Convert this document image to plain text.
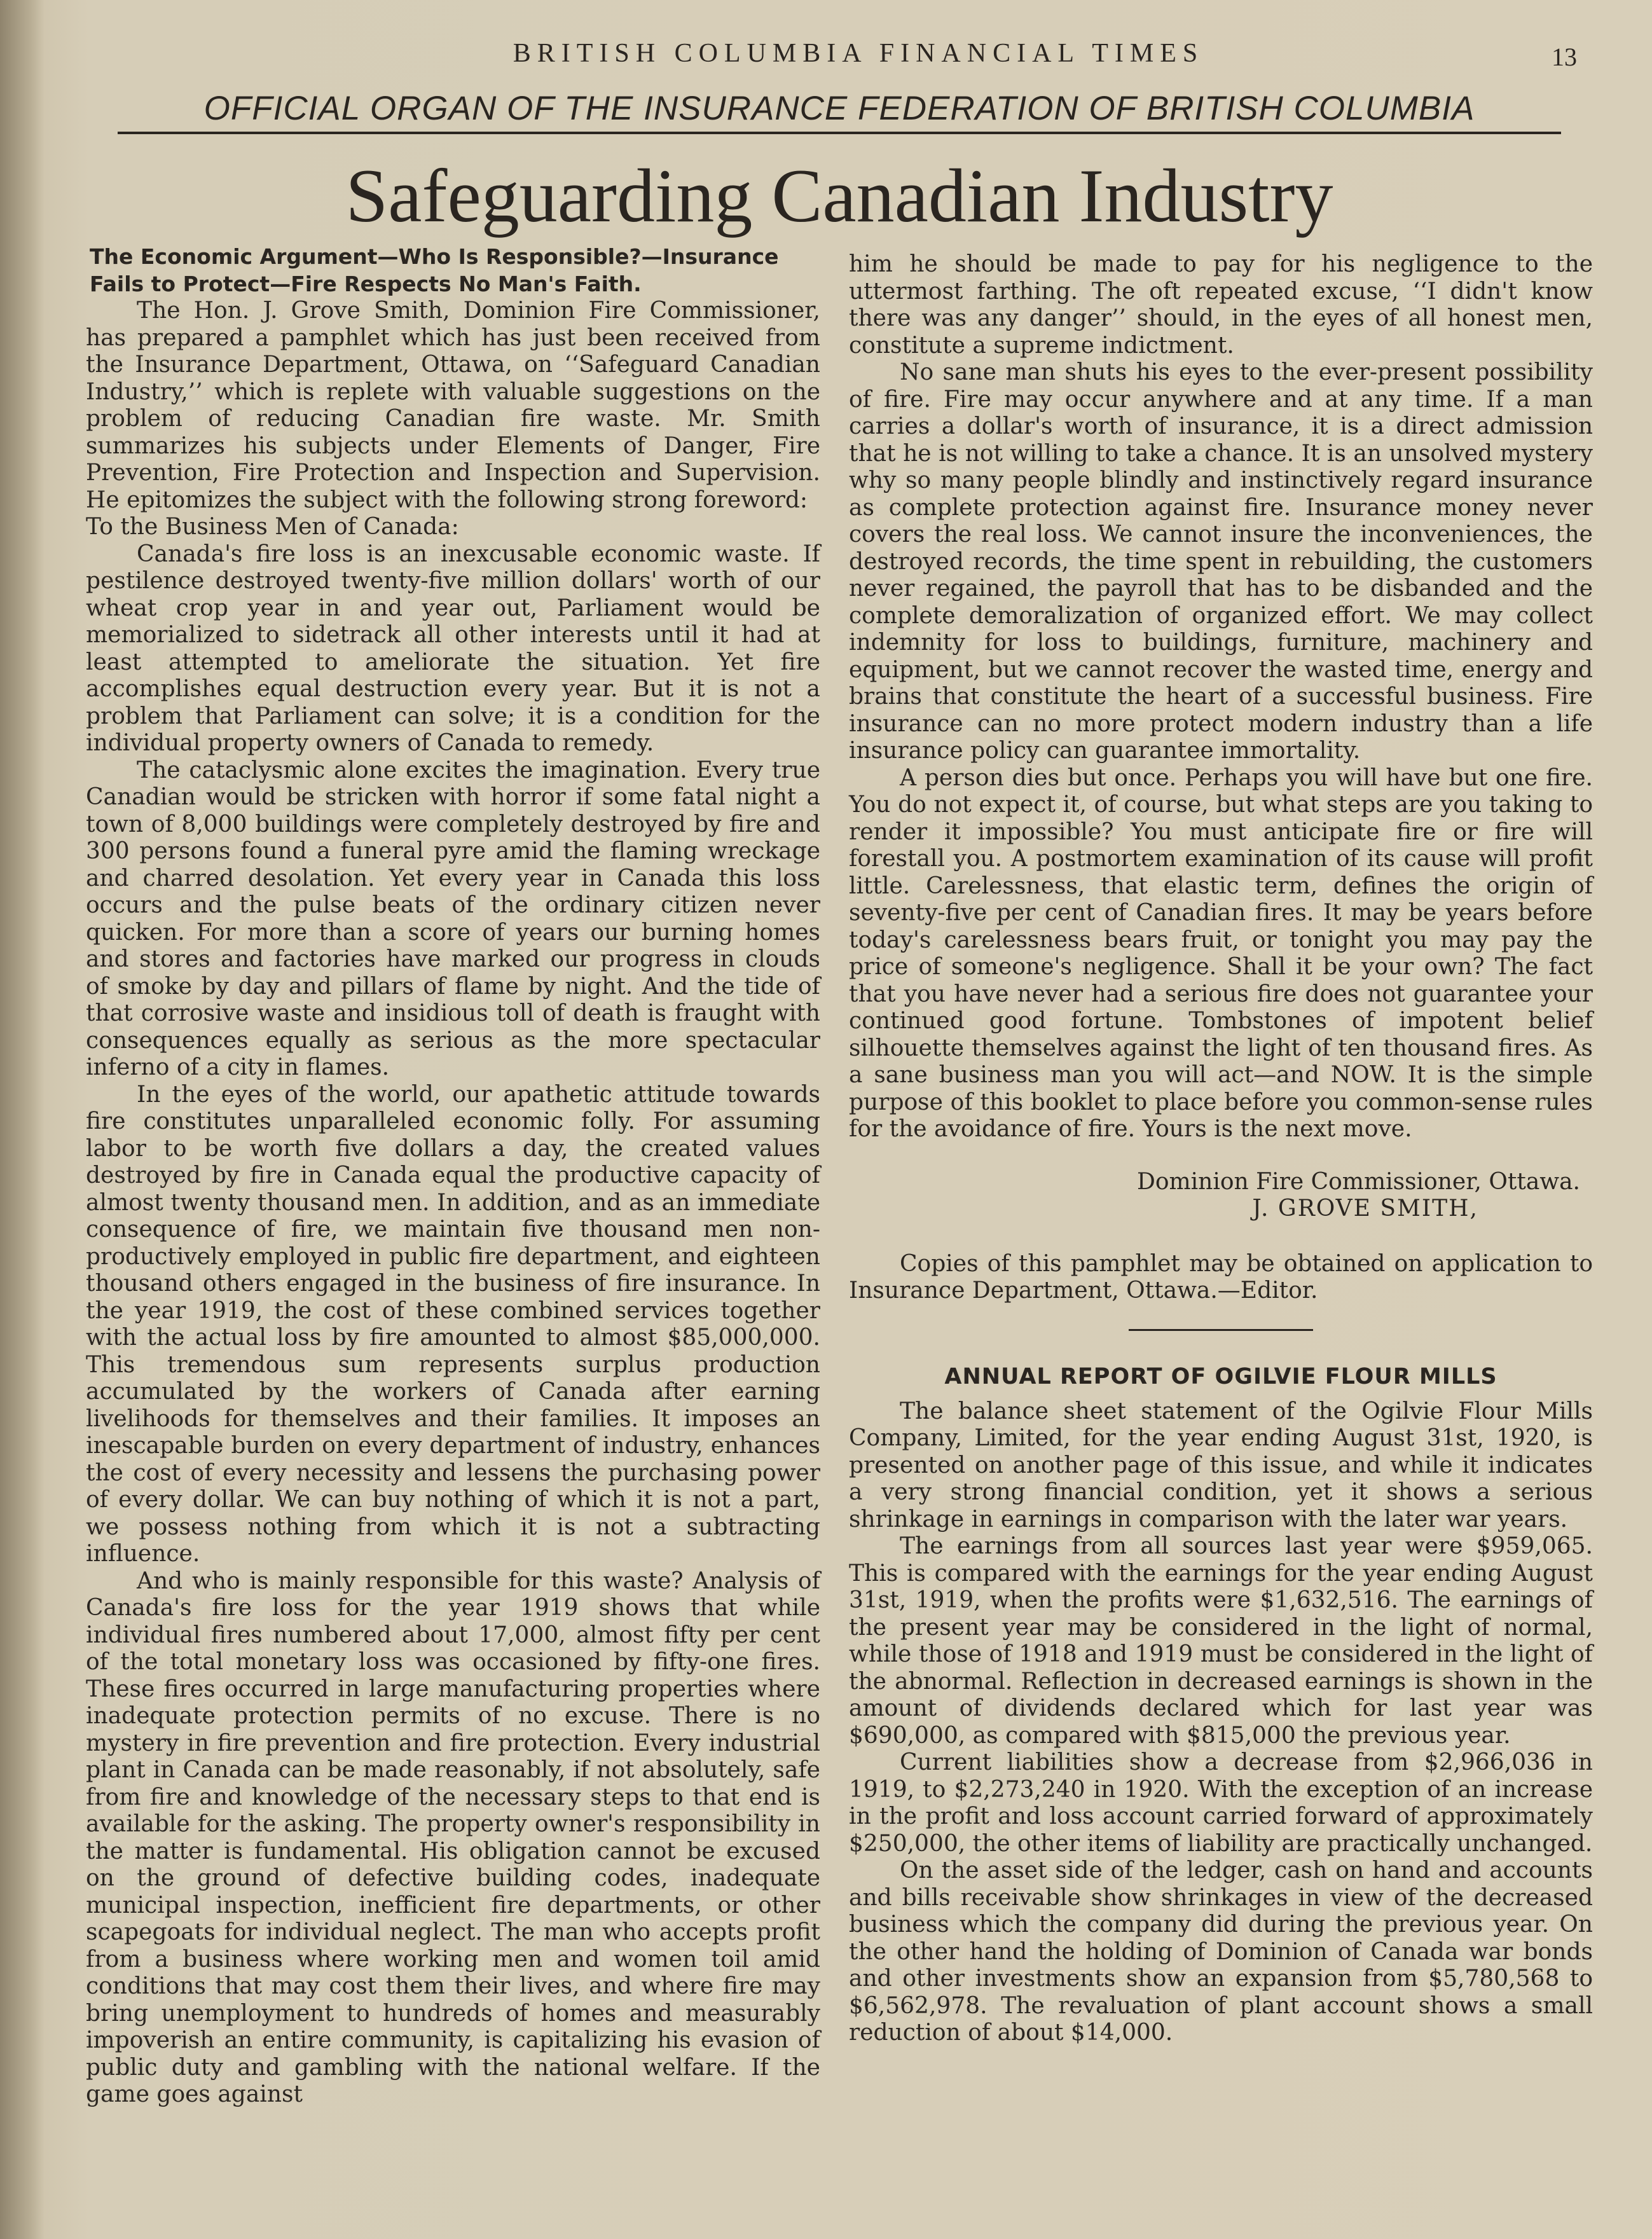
BRITISH COLUMBIA FINANCIAL TIMES	13
OFFICIAL ORGAN OF THE INSURANCE FEDERATION OF BRITISH COLUMBIA
Safeguarding Canadian Industry

The Economic Argument—Who Is Responsible?—Insurance Fails to Protect—Fire Respects No Man's Faith.

The Hon. J. Grove Smith, Dominion Fire Commissioner, has prepared a pamphlet which has just been received from the Insurance Department, Ottawa, on ‘‘Safeguard Canadian Industry,’’ which is replete with valuable suggestions on the problem of reducing Canadian fire waste. Mr. Smith summarizes his subjects under Elements of Danger, Fire Prevention, Fire Protection and Inspection and Supervision. He epitomizes the subject with the following strong foreword:

To the Business Men of Canada:

Canada's fire loss is an inexcusable economic waste. If pestilence destroyed twenty-five million dollars' worth of our wheat crop year in and year out, Parliament would be memorialized to sidetrack all other interests until it had at least attempted to ameliorate the situation. Yet fire accomplishes equal destruction every year. But it is not a problem that Parliament can solve; it is a condition for the individual property owners of Canada to remedy.

The cataclysmic alone excites the imagination. Every true Canadian would be stricken with horror if some fatal night a town of 8,000 buildings were completely destroyed by fire and 300 persons found a funeral pyre amid the flaming wreckage and charred desolation. Yet every year in Canada this loss occurs and the pulse beats of the ordinary citizen never quicken. For more than a score of years our burning homes and stores and factories have marked our progress in clouds of smoke by day and pillars of flame by night. And the tide of that corrosive waste and insidious toll of death is fraught with consequences equally as serious as the more spectacular inferno of a city in flames.

In the eyes of the world, our apathetic attitude towards fire constitutes unparalleled economic folly. For assuming labor to be worth five dollars a day, the created values destroyed by fire in Canada equal the productive capacity of almost twenty thousand men. In addition, and as an immediate consequence of fire, we maintain five thousand men non-productively employed in public fire department, and eighteen thousand others engaged in the business of fire insurance. In the year 1919, the cost of these combined services together with the actual loss by fire amounted to almost $85,000,000. This tremendous sum represents surplus production accumulated by the workers of Canada after earning livelihoods for themselves and their families. It imposes an inescapable burden on every department of industry, enhances the cost of every necessity and lessens the purchasing power of every dollar. We can buy nothing of which it is not a part, we possess nothing from which it is not a subtracting influence.

And who is mainly responsible for this waste? Analysis of Canada's fire loss for the year 1919 shows that while individual fires numbered about 17,000, almost fifty per cent of the total monetary loss was occasioned by fifty-one fires. These fires occurred in large manufacturing properties where inadequate protection permits of no excuse. There is no mystery in fire prevention and fire protection. Every industrial plant in Canada can be made reasonably, if not absolutely, safe from fire and knowledge of the necessary steps to that end is available for the asking. The property owner's responsibility in the matter is fundamental. His obligation cannot be excused on the ground of defective building codes, inadequate municipal inspection, inefficient fire departments, or other scapegoats for individual neglect. The man who accepts profit from a business where working men and women toil amid conditions that may cost them their lives, and where fire may bring unemployment to hundreds of homes and measurably impoverish an entire community, is capitalizing his evasion of public duty and gambling with the national welfare. If the game goes against

him he should be made to pay for his negligence to the uttermost farthing. The oft repeated excuse, ‘‘I didn't know there was any danger’’ should, in the eyes of all honest men, constitute a supreme indictment.

No sane man shuts his eyes to the ever-present possibility of fire. Fire may occur anywhere and at any time. If a man carries a dollar's worth of insurance, it is a direct admission that he is not willing to take a chance. It is an unsolved mystery why so many people blindly and instinctively regard insurance as complete protection against fire. Insurance money never covers the real loss. We cannot insure the inconveniences, the destroyed records, the time spent in rebuilding, the customers never regained, the payroll that has to be disbanded and the complete demoralization of organized effort. We may collect indemnity for loss to buildings, furniture, machinery and equipment, but we cannot recover the wasted time, energy and brains that constitute the heart of a successful business. Fire insurance can no more protect modern industry than a life insurance policy can guarantee immortality.

A person dies but once. Perhaps you will have but one fire. You do not expect it, of course, but what steps are you taking to render it impossible? You must anticipate fire or fire will forestall you. A postmortem examination of its cause will profit little. Carelessness, that elastic term, defines the origin of seventy-five per cent of Canadian fires. It may be years before today's carelessness bears fruit, or tonight you may pay the price of someone's negligence. Shall it be your own? The fact that you have never had a serious fire does not guarantee your continued good fortune. Tombstones of impotent belief silhouette themselves against the light of ten thousand fires. As a sane business man you will act—and NOW. It is the simple purpose of this booklet to place before you common-sense rules for the avoidance of fire. Yours is the next move.

Dominion Fire Commissioner, Ottawa.

J. GROVE SMITH,

Copies of this pamphlet may be obtained on application to Insurance Department, Ottawa.—Editor.

ANNUAL REPORT OF OGILVIE FLOUR MILLS

The balance sheet statement of the Ogilvie Flour Mills Company, Limited, for the year ending August 31st, 1920, is presented on another page of this issue, and while it indicates a very strong financial condition, yet it shows a serious shrinkage in earnings in comparison with the later war years.

The earnings from all sources last year were $959,065. This is compared with the earnings for the year ending August 31st, 1919, when the profits were $1,632,516. The earnings of the present year may be considered in the light of normal, while those of 1918 and 1919 must be considered in the light of the abnormal. Reflection in decreased earnings is shown in the amount of dividends declared which for last year was $690,000, as compared with $815,000 the previous year.

Current liabilities show a decrease from $2,966,036 in 1919, to $2,273,240 in 1920. With the exception of an increase in the profit and loss account carried forward of approximately $250,000, the other items of liability are practically unchanged.

On the asset side of the ledger, cash on hand and accounts and bills receivable show shrinkages in view of the decreased business which the company did during the previous year. On the other hand the holding of Dominion of Canada war bonds and other investments show an expansion from $5,780,568 to $6,562,978. The revaluation of plant account shows a small reduction of about $14,000.
